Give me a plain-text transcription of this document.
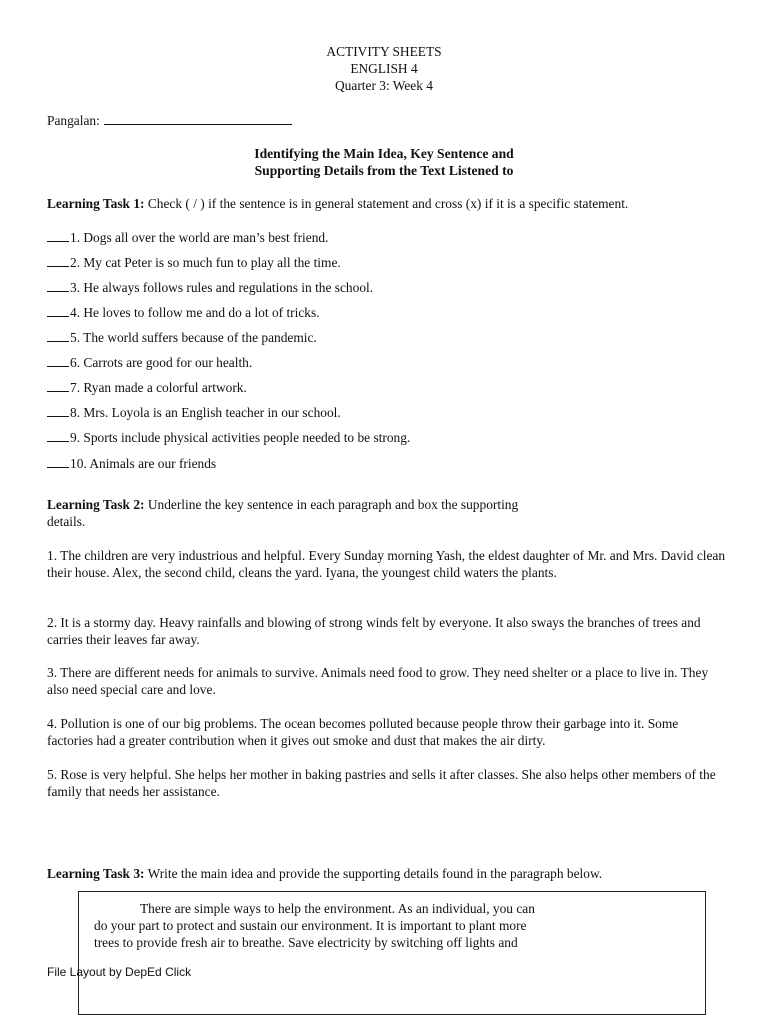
ACTIVITY SHEETS
ENGLISH 4
Quarter 3: Week 4
Pangalan:
Identifying the Main Idea, Key Sentence and
Supporting Details from the Text Listened to
Learning Task 1: Check ( / ) if the sentence is in general statement and cross (x) if it is a specific statement.
1. Dogs all over the world are man’s best friend.
2. My cat Peter is so much fun to play all the time.
3. He always follows rules and regulations in the school.
4. He loves to follow me and do a lot of tricks.
5. The world suffers because of the pandemic.
6. Carrots are good for our health.
7. Ryan made a colorful artwork.
8. Mrs. Loyola is an English teacher in our school.
9. Sports include physical activities people needed to be strong.
10. Animals are our friends
Learning Task 2: Underline the key sentence in each paragraph and box the supporting
details.
1. The children are very industrious and helpful. Every Sunday morning Yash, the eldest daughter of Mr. and Mrs. David clean their house. Alex, the second child, cleans the yard. Iyana, the youngest child waters the plants.
2. It is a stormy day. Heavy rainfalls and blowing of strong winds felt by everyone. It also sways the branches of trees and carries their leaves far away.
3. There are different needs for animals to survive. Animals need food to grow. They need shelter or a place to live in. They also need special care and love.
4. Pollution is one of our big problems. The ocean becomes polluted because people throw their garbage into it. Some factories had a greater contribution when it gives out smoke and dust that makes the air dirty.
5. Rose is very helpful. She helps her mother in baking pastries and sells it after classes. She also helps other members of the family that needs her assistance.
Learning Task 3: Write the main idea and provide the supporting details found in the paragraph below.
There are simple ways to help the environment. As an individual, you can
do your part to protect and sustain our environment. It is important to plant more
trees to provide fresh air to breathe. Save electricity by switching off lights and
File Layout by DepEd Click
